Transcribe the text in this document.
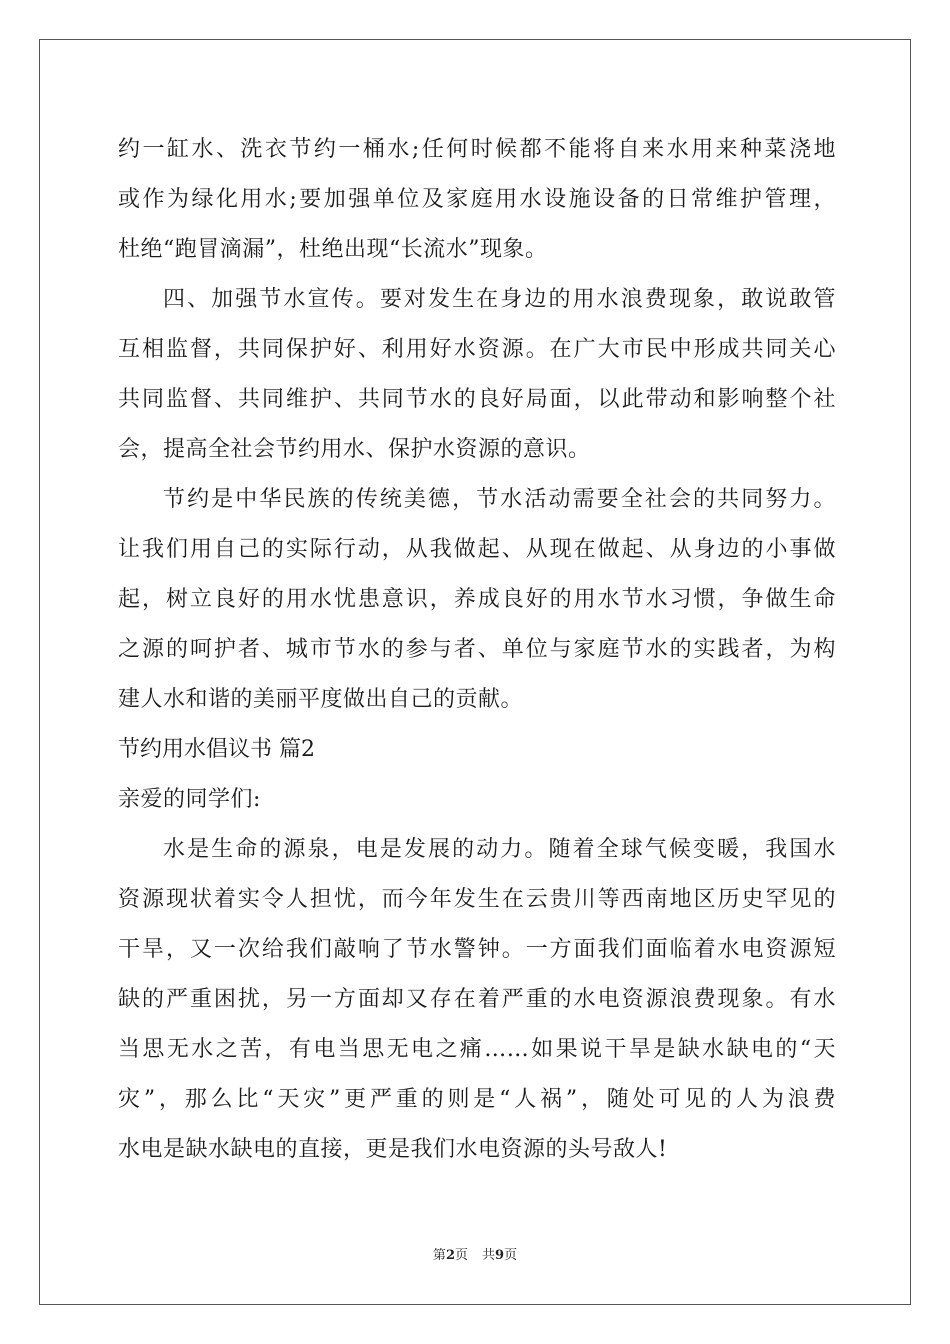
约一缸水、洗衣节约一桶水;任何时候都不能将自来水用来种菜浇地
或作为绿化用水;要加强单位及家庭用水设施设备的日常维护管理，
杜绝“跑冒滴漏”，杜绝出现“长流水”现象。
四、加强节水宣传。要对发生在身边的用水浪费现象，敢说敢管
互相监督，共同保护好、利用好水资源。在广大市民中形成共同关心
共同监督、共同维护、共同节水的良好局面，以此带动和影响整个社
会，提高全社会节约用水、保护水资源的意识。
节约是中华民族的传统美德，节水活动需要全社会的共同努力。
让我们用自己的实际行动，从我做起、从现在做起、从身边的小事做
起，树立良好的用水忧患意识，养成良好的用水节水习惯，争做生命
之源的呵护者、城市节水的参与者、单位与家庭节水的实践者，为构
建人水和谐的美丽平度做出自己的贡献。
节约用水倡议书 篇2
亲爱的同学们:
水是生命的源泉，电是发展的动力。随着全球气候变暖，我国水
资源现状着实令人担忧，而今年发生在云贵川等西南地区历史罕见的
干旱，又一次给我们敲响了节水警钟。一方面我们面临着水电资源短
缺的严重困扰，另一方面却又存在着严重的水电资源浪费现象。有水
当思无水之苦，有电当思无电之痛……如果说干旱是缺水缺电的“天
灾”，那么比“天灾”更严重的则是“人祸”，随处可见的人为浪费
水电是缺水缺电的直接，更是我们水电资源的头号敌人!
第2页 共9页
